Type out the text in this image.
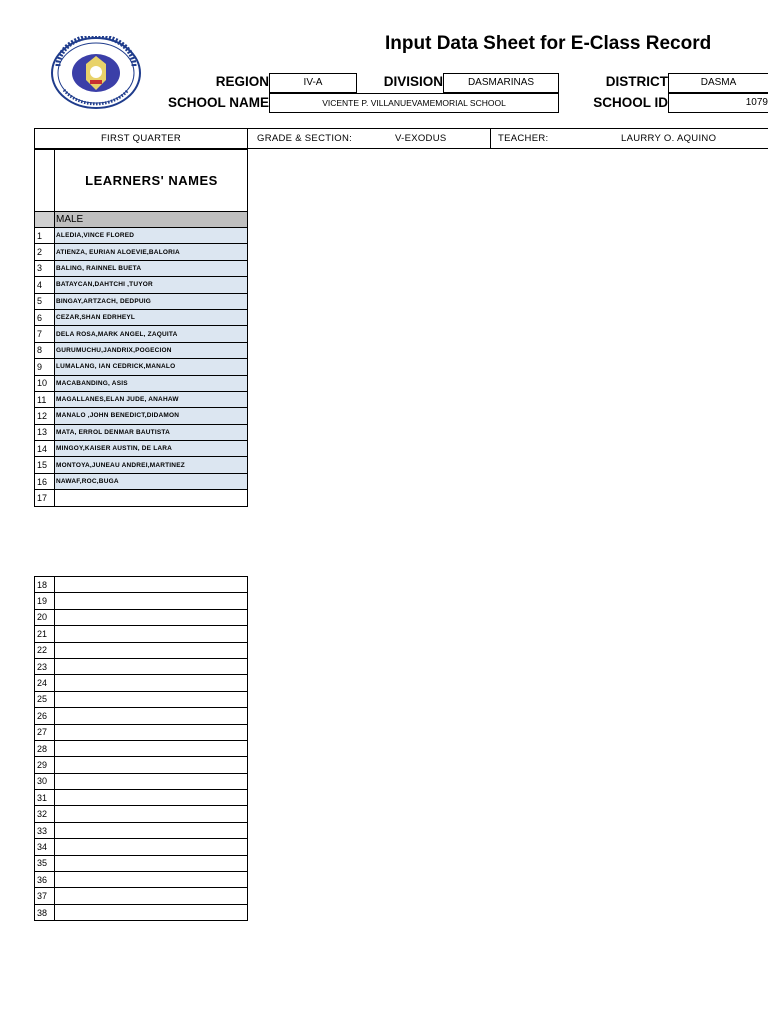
Input Data Sheet for E-Class Record
REGION	IV-A	DIVISION	DASMARINAS	DISTRICT	DASMA
SCHOOL NAME	VICENTE P. VILLANUEVAMEMORIAL SCHOOL	SCHOOL ID	1079
FIRST QUARTER	GRADE & SECTION:	V-EXODUS	TEACHER:	LAURRY O. AQUINO
	LEARNERS' NAMES
	MALE
1	ALEDIA,VINCE FLORED
2	ATIENZA, EURIAN ALOEVIE,BALORIA
3	BALING, RAINNEL BUETA
4	BATAYCAN,DAHTCHI ,TUYOR
5	BINGAY,ARTZACH, DEDPUIG
6	CEZAR,SHAN EDRHEYL
7	DELA ROSA,MARK ANGEL, ZAQUITA
8	GURUMUCHU,JANDRIX,POGECION
9	LUMALANG, IAN CEDRICK,MANALO
10	MACABANDING, ASIS
11	MAGALLANES,ELAN JUDE, ANAHAW
12	MANALO ,JOHN BENEDICT,DIDAMON
13	MATA, ERROL DENMAR BAUTISTA
14	MINGOY,KAISER AUSTIN, DE LARA
15	MONTOYA,JUNEAU ANDREI,MARTINEZ
16	NAWAF,ROC,BUGA
17	
18	
19	
20	
21	
22	
23	
24	
25	
26	
27	
28	
29	
30	
31	
32	
33	
34	
35	
36	
37	
38	
